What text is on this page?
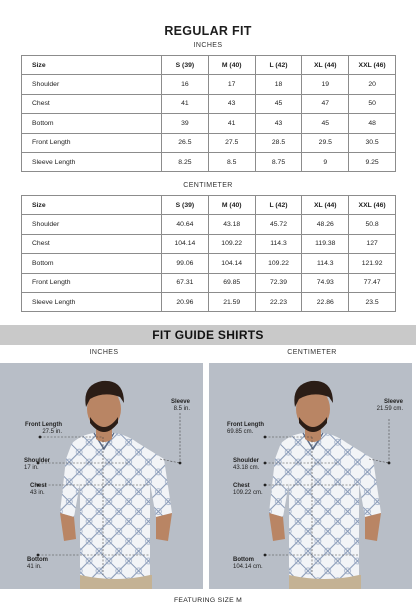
REGULAR FIT
INCHES
Size	S (39)	M (40)	L (42)	XL (44)	XXL (46)
Shoulder	16	17	18	19	20
Chest	41	43	45	47	50
Bottom	39	41	43	45	48
Front Length	26.5	27.5	28.5	29.5	30.5
Sleeve Length	8.25	8.5	8.75	9	9.25
CENTIMETER
Size	S (39)	M (40)	L (42)	XL (44)	XXL (46)
Shoulder	40.64	43.18	45.72	48.26	50.8
Chest	104.14	109.22	114.3	119.38	127
Bottom	99.06	104.14	109.22	114.3	121.92
Front Length	67.31	69.85	72.39	74.93	77.47
Sleeve Length	20.96	21.59	22.23	22.86	23.5
FIT GUIDE SHIRTS
INCHES	CENTIMETER
Front Length
27.5 in.
Shoulder
17 in.
Chest
43 in.
Bottom
41 in.
Sleeve
8.5 in.
Front Length
69.85 cm.
Shoulder
43.18 cm.
Chest
109.22 cm.
Bottom
104.14 cm.
Sleeve
21.59 cm.
FEATURING SIZE M
